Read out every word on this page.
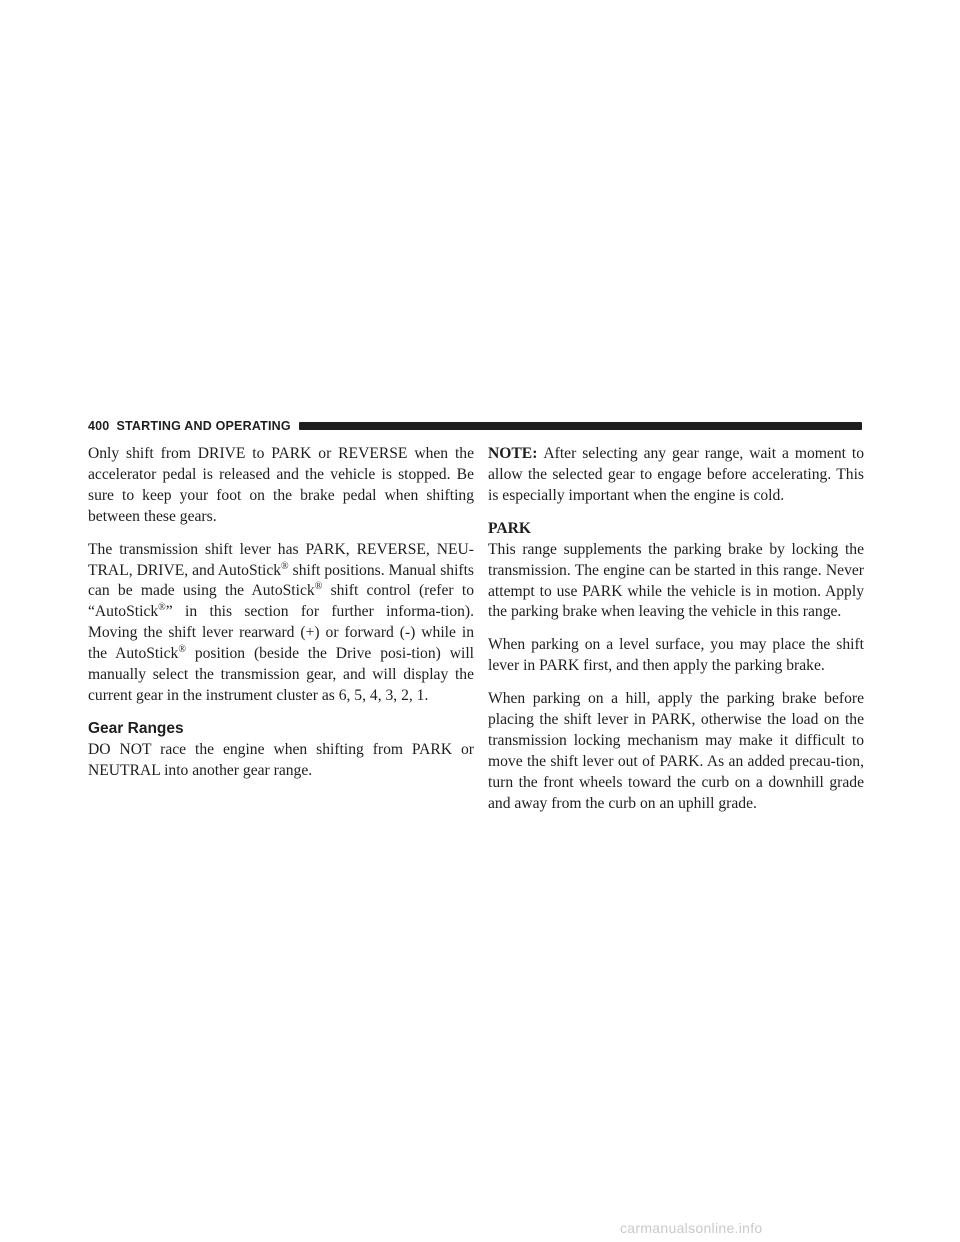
400 STARTING AND OPERATING

Only shift from DRIVE to PARK or REVERSE when the accelerator pedal is released and the vehicle is stopped. Be sure to keep your foot on the brake pedal when shifting between these gears.

The transmission shift lever has PARK, REVERSE, NEU-TRAL, DRIVE, and AutoStick® shift positions. Manual shifts can be made using the AutoStick® shift control (refer to “AutoStick®” in this section for further informa-tion). Moving the shift lever rearward (+) or forward (-) while in the AutoStick® position (beside the Drive posi-tion) will manually select the transmission gear, and will display the current gear in the instrument cluster as 6, 5, 4, 3, 2, 1.

Gear Ranges

DO NOT race the engine when shifting from PARK or NEUTRAL into another gear range.

NOTE: After selecting any gear range, wait a moment to allow the selected gear to engage before accelerating. This is especially important when the engine is cold.

PARK

This range supplements the parking brake by locking the transmission. The engine can be started in this range. Never attempt to use PARK while the vehicle is in motion. Apply the parking brake when leaving the vehicle in this range.

When parking on a level surface, you may place the shift lever in PARK first, and then apply the parking brake.

When parking on a hill, apply the parking brake before placing the shift lever in PARK, otherwise the load on the transmission locking mechanism may make it difficult to move the shift lever out of PARK. As an added precau-tion, turn the front wheels toward the curb on a downhill grade and away from the curb on an uphill grade.

carmanualsonline.info
